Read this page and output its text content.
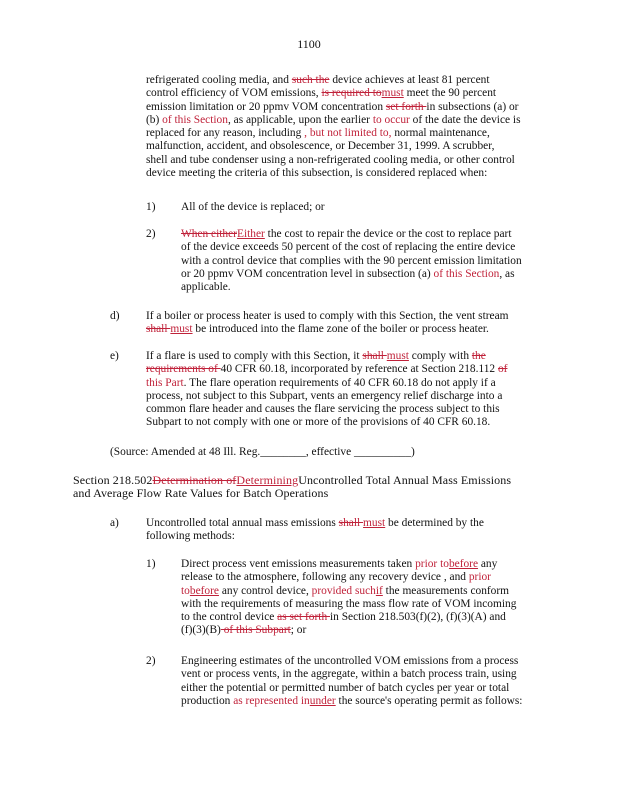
1100
refrigerated cooling media, and such the device achieves at least 81 percent
control efficiency of VOM emissions, is required tomust meet the 90 percent
emission limitation or 20 ppmv VOM concentration set forth in subsections (a) or
(b) of this Section, as applicable, upon the earlier to occur of the date the device is
replaced for any reason, including , but not limited to, normal maintenance,
malfunction, accident, and obsolescence, or December 31, 1999. A scrubber,
shell and tube condenser using a non-refrigerated cooling media, or other control
device meeting the criteria of this subsection, is considered replaced when:
1) All of the device is replaced; or
2) When eitherEither the cost to repair the device or the cost to replace part
of the device exceeds 50 percent of the cost of replacing the entire device
with a control device that complies with the 90 percent emission limitation
or 20 ppmv VOM concentration level in subsection (a) of this Section, as
applicable.
d) If a boiler or process heater is used to comply with this Section, the vent stream
shall must be introduced into the flame zone of the boiler or process heater.
e) If a flare is used to comply with this Section, it shall must comply with the
requirements of 40 CFR 60.18, incorporated by reference at Section 218.112 of
this Part. The flare operation requirements of 40 CFR 60.18 do not apply if a
process, not subject to this Subpart, vents an emergency relief discharge into a
common flare header and causes the flare servicing the process subject to this
Subpart to not comply with one or more of the provisions of 40 CFR 60.18.
(Source: Amended at 48 Ill. Reg.________, effective __________)
Section 218.502Determination ofDeterminingUncontrolled Total Annual Mass Emissions
and Average Flow Rate Values for Batch Operations
a) Uncontrolled total annual mass emissions shall must be determined by the
following methods:
1) Direct process vent emissions measurements taken prior tobefore any
release to the atmosphere, following any recovery device , and prior
tobefore any control device, provided suchif the measurements conform
with the requirements of measuring the mass flow rate of VOM incoming
to the control device as set forth in Section 218.503(f)(2), (f)(3)(A) and
(f)(3)(B) of this Subpart; or
2) Engineering estimates of the uncontrolled VOM emissions from a process
vent or process vents, in the aggregate, within a batch process train, using
either the potential or permitted number of batch cycles per year or total
production as represented inunder the source's operating permit as follows:
